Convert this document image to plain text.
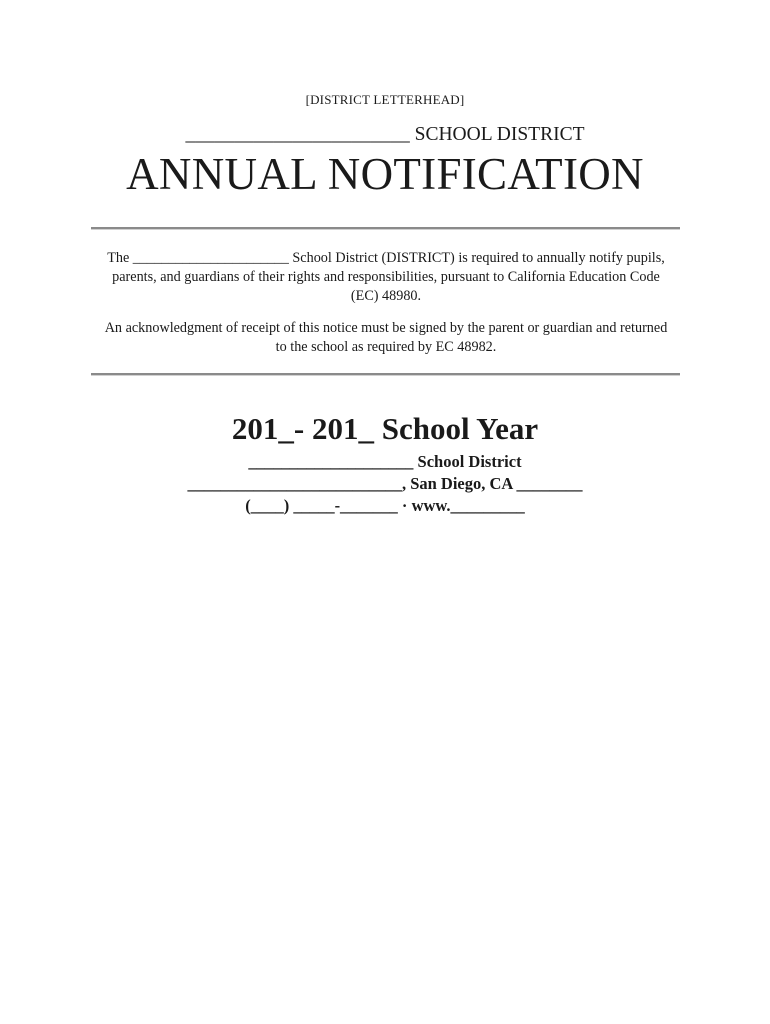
[DISTRICT LETTERHEAD]
_______________________ SCHOOL DISTRICT
ANNUAL NOTIFICATION
The ______________________ School District (DISTRICT) is required to annually notify pupils, parents, and guardians of their rights and responsibilities, pursuant to California Education Code (EC) 48980.
An acknowledgment of receipt of this notice must be signed by the parent or guardian and returned to the school as required by EC 48982.
201_- 201_ School Year
____________________ School District
__________________________, San Diego, CA ________
(____) _____-_______ · www._________
